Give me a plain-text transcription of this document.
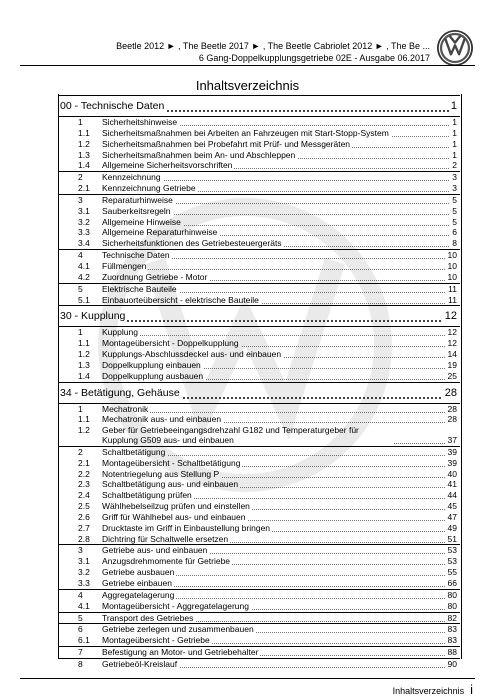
Beetle 2012 ► , The Beetle 2017 ► , The Beetle Cabriolet 2012 ► , The Be ...
6 Gang-Doppelkupplungsgetriebe 02E - Ausgabe 06.2017
Inhaltsverzeichnis
00 - Technische Daten	1
1	Sicherheitshinweise	1
1.1	Sicherheitsmaßnahmen bei Arbeiten an Fahrzeugen mit Start-Stopp-System	1
1.2	Sicherheitsmaßnahmen bei Probefahrt mit Prüf- und Messgeräten	1
1.3	Sicherheitsmaßnahmen beim An- und Abschleppen	1
1.4	Allgemeine Sicherheitsvorschriften	2
2	Kennzeichnung	3
2.1	Kennzeichnung Getriebe	3
3	Reparaturhinweise	5
3.1	Sauberkeitsregeln	5
3.2	Allgemeine Hinweise	5
3.3	Allgemeine Reparaturhinweise	6
3.4	Sicherheitsfunktionen des Getriebesteuergeräts	8
4	Technische Daten	10
4.1	Füllmengen	10
4.2	Zuordnung Getriebe - Motor	10
5	Elektrische Bauteile	11
5.1	Einbauortеübersicht - elektrische Bauteile	11
30 - Kupplung	12
1	Kupplung	12
1.1	Montageübersicht - Doppelkupplung	12
1.2	Kupplungs-Abschlussdeckel aus- und einbauen	14
1.3	Doppelkupplung einbauen	19
1.4	Doppelkupplung ausbauen	25
34 - Betätigung, Gehäuse	28
1	Mechatronik	28
1.1	Mechatronik aus- und einbauen	28
1.2	Geber für Getriebeeingangsdrehzahl G182 und Temperaturgeber für Kupplung G509 aus- und einbauen	37
2	Schaltbetätigung	39
2.1	Montageübersicht - Schaltbetätigung	39
2.2	Notentriegelung aus Stellung P	40
2.3	Schaltbetätigung aus- und einbauen	41
2.4	Schaltbetätigung prüfen	44
2.5	Wählhebelseilzug prüfen und einstellen	45
2.6	Griff für Wählhebel aus- und einbauen	47
2.7	Drucktaste im Griff in Einbaustellung bringen	49
2.8	Dichtring für Schaltwelle ersetzen	51
3	Getriebe aus- und einbauen	53
3.1	Anzugsdrehmomente für Getriebe	53
3.2	Getriebe ausbauen	55
3.3	Getriebe einbauen	66
4	Aggregatelagerung	80
4.1	Montageübersicht - Aggregatelagerung	80
5	Transport des Getriebes	82
6	Getriebe zerlegen und zusammenbauen	83
6.1	Montageübersicht - Getriebe	83
7	Befestigung an Motor- und Getriebehalter	88
8	Getriebeöl-Kreislauf	90
Inhaltsverzeichnis i
